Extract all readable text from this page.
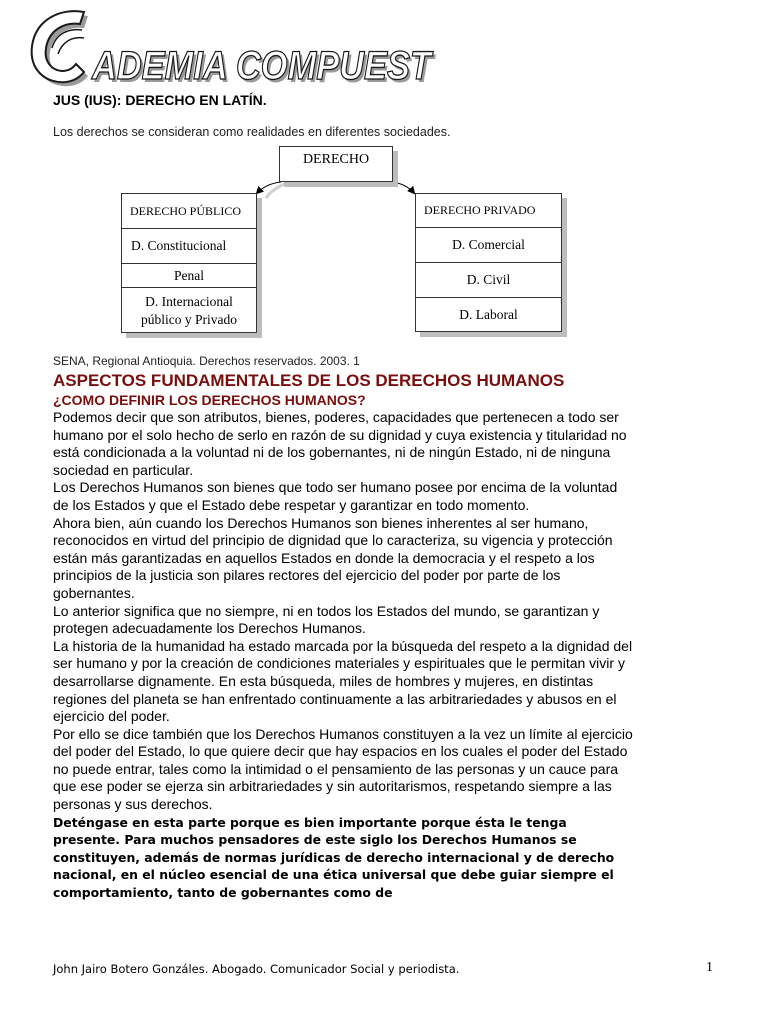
ADEMIA COMPUEST
JUS (IUS): DERECHO EN LATÍN.
Los derechos se consideran como realidades en diferentes sociedades.
DERECHO
DERECHO PÚBLICO
D. Constitucional
Penal
D. Internacional público y Privado
DERECHO PRIVADO
D. Comercial
D. Civil
D. Laboral
SENA, Regional Antioquia. Derechos reservados. 2003. 1
ASPECTOS FUNDAMENTALES DE LOS DERECHOS HUMANOS
¿COMO DEFINIR LOS DERECHOS HUMANOS?

Podemos decir que son atributos, bienes, poderes, capacidades que pertenecen a todo ser humano por el solo hecho de serlo en razón de su dignidad y cuya existencia y titularidad no está condicionada a la voluntad ni de los gobernantes, ni de ningún Estado, ni de ninguna sociedad en particular.

Los Derechos Humanos son bienes que todo ser humano posee por encima de la voluntad de los Estados y que el Estado debe respetar y garantizar en todo momento.

Ahora bien, aún cuando los Derechos Humanos son bienes inherentes al ser humano, reconocidos en virtud del principio de dignidad que lo caracteriza, su vigencia y protección están más garantizadas en aquellos Estados en donde la democracia y el respeto a los principios de la justicia son pilares rectores del ejercicio del poder por parte de los gobernantes.

Lo anterior significa que no siempre, ni en todos los Estados del mundo, se garantizan y protegen adecuadamente los Derechos Humanos.

La historia de la humanidad ha estado marcada por la búsqueda del respeto a la dignidad del ser humano y por la creación de condiciones materiales y espirituales que le permitan vivir y desarrollarse dignamente. En esta búsqueda, miles de hombres y mujeres, en distintas regiones del planeta se han enfrentado continuamente a las arbitrariedades y abusos en el ejercicio del poder.

Por ello se dice también que los Derechos Humanos constituyen a la vez un límite al ejercicio del poder del Estado, lo que quiere decir que hay espacios en los cuales el poder del Estado no puede entrar, tales como la intimidad o el pensamiento de las personas y un cauce para que ese poder se ejerza sin arbitrariedades y sin autoritarismos, respetando siempre a las personas y sus derechos.

Deténgase en esta parte porque es bien importante porque ésta le tenga presente. Para muchos pensadores de este siglo los Derechos Humanos se constituyen, además de normas jurídicas de derecho internacional y de derecho nacional, en el núcleo esencial de una ética universal que debe guiar siempre el comportamiento, tanto de gobernantes como de

John Jairo Botero Gonzáles. Abogado. Comunicador Social y periodista.	1
